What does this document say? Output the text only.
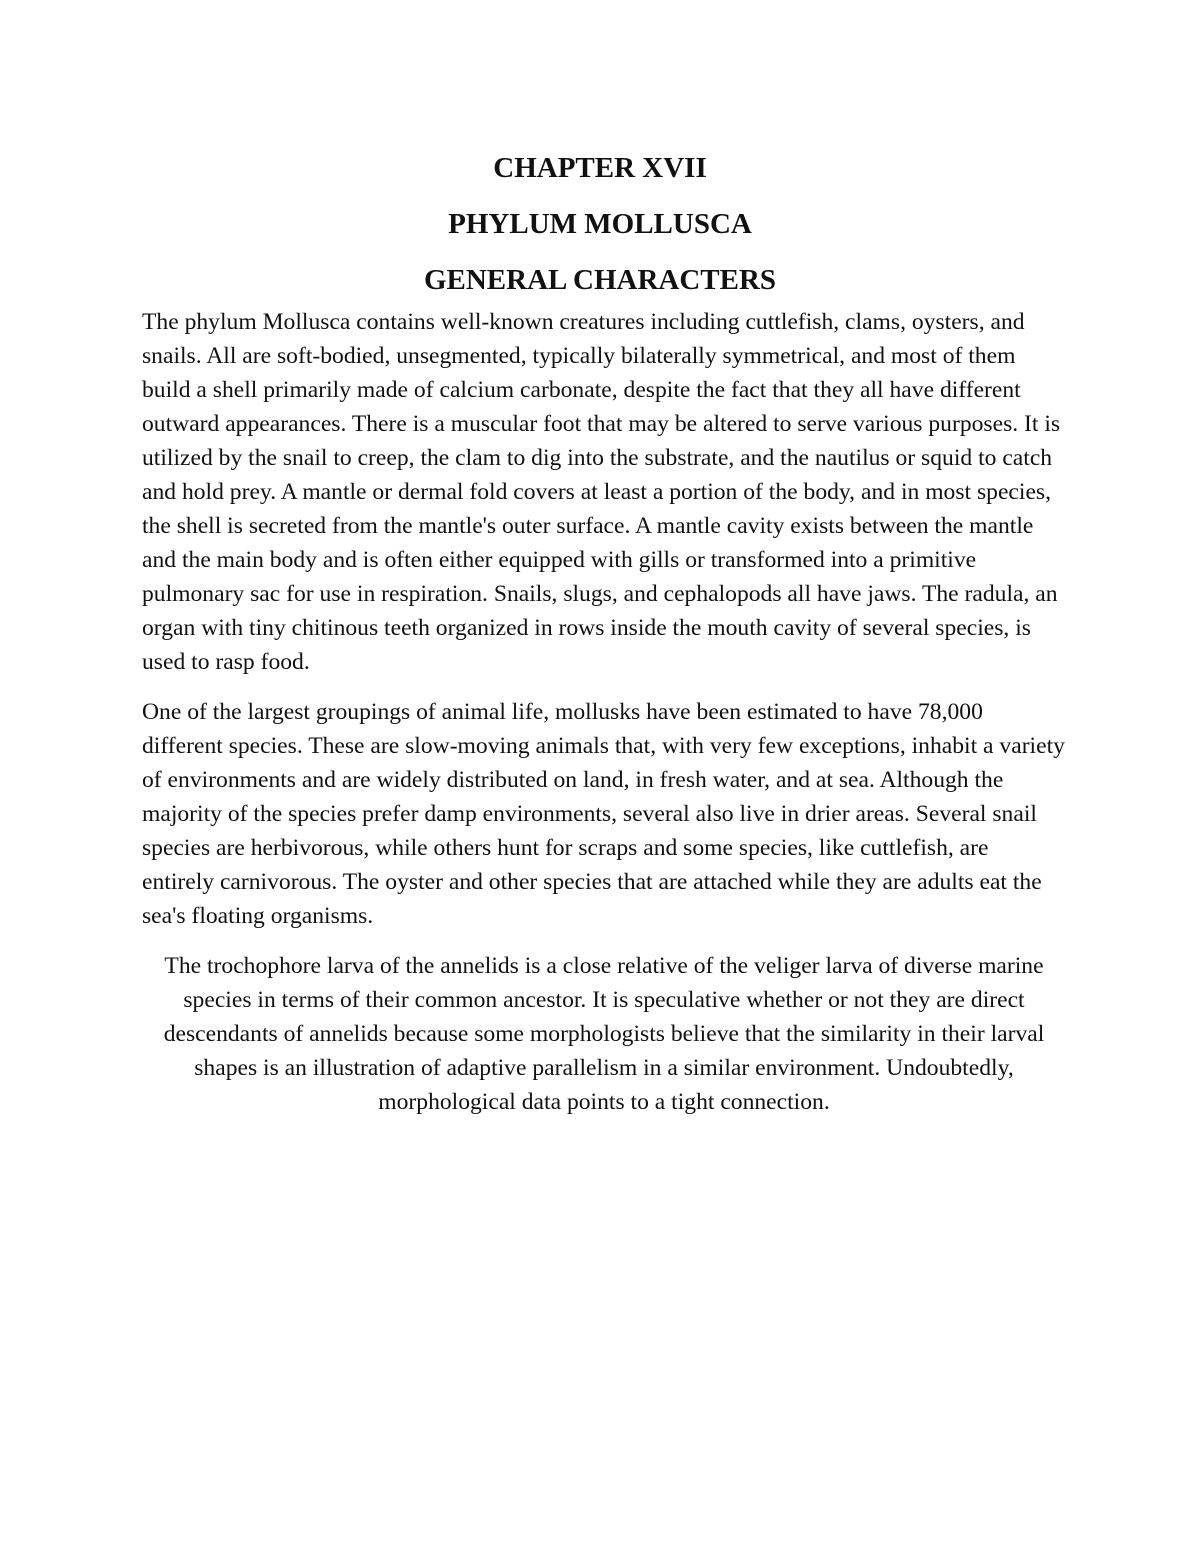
CHAPTER XVII
PHYLUM MOLLUSCA
GENERAL CHARACTERS

The phylum Mollusca contains well-known creatures including cuttlefish, clams, oysters, and snails. All are soft-bodied, unsegmented, typically bilaterally symmetrical, and most of them build a shell primarily made of calcium carbonate, despite the fact that they all have different outward appearances. There is a muscular foot that may be altered to serve various purposes. It is utilized by the snail to creep, the clam to dig into the substrate, and the nautilus or squid to catch and hold prey. A mantle or dermal fold covers at least a portion of the body, and in most species, the shell is secreted from the mantle's outer surface. A mantle cavity exists between the mantle and the main body and is often either equipped with gills or transformed into a primitive pulmonary sac for use in respiration. Snails, slugs, and cephalopods all have jaws. The radula, an organ with tiny chitinous teeth organized in rows inside the mouth cavity of several species, is used to rasp food.

One of the largest groupings of animal life, mollusks have been estimated to have 78,000 different species. These are slow-moving animals that, with very few exceptions, inhabit a variety of environments and are widely distributed on land, in fresh water, and at sea. Although the majority of the species prefer damp environments, several also live in drier areas. Several snail species are herbivorous, while others hunt for scraps and some species, like cuttlefish, are entirely carnivorous. The oyster and other species that are attached while they are adults eat the sea's floating organisms.

The trochophore larva of the annelids is a close relative of the veliger larva of diverse marine species in terms of their common ancestor. It is speculative whether or not they are direct descendants of annelids because some morphologists believe that the similarity in their larval shapes is an illustration of adaptive parallelism in a similar environment. Undoubtedly, morphological data points to a tight connection.
